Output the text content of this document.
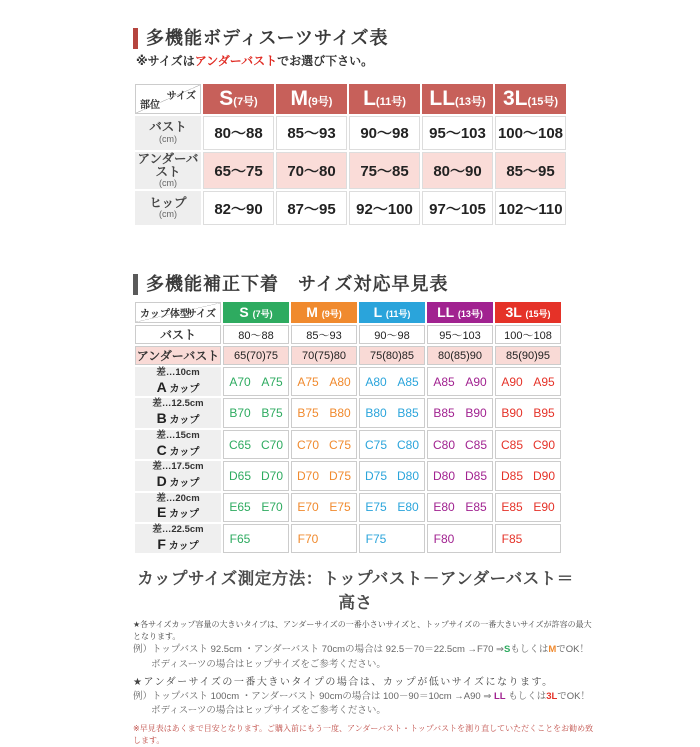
多機能ボディスーツサイズ表

※サイズはアンダーバストでお選び下さい。

サイズ
部位	S(7号)	M(9号)	L(11号)	LL(13号)	3L(15号)
バスト
(cm)	80～88	85～93	90～98	95～103	100～108
アンダーバスト
(cm)	65～75	70～80	75～85	80～90	85～95
ヒップ
(cm)	82～90	87～95	92～100	97～105	102～110
多機能補正下着　サイズ対応早見表
サイズ
カップ体型	S (7号)	M (9号)	L (11号)	LL (13号)	3L (15号)
バスト	80～88	85～93	90～98	95～103	100～108
アンダーバスト	65(70)75	70(75)80	75(80)85	80(85)90	85(90)95

差…10cm
A カップ	A70 A75	A75 A80	A80 A85	A85 A90	A90 A95

差…12.5cm
B カップ	B70 B75	B75 B80	B80 B85	B85 B90	B90 B95

差…15cm
C カップ	C65 C70	C70 C75	C75 C80	C80 C85	C85 C90

差…17.5cm
D カップ	D65 D70	D70 D75	D75 D80	D80 D85	D85 D90

差…20cm
E カップ	E65 E70	E70 E75	E75 E80	E80 E85	E85 E90

差…22.5cm
F カップ	F65	F70	F75	F80	F85
カップサイズ測定方法：トップバスト－アンダーバスト＝高さ
★各サイズカップ容量の大きいタイプは、アンダーサイズの一番小さいサイズと、トップサイズの一番大きいサイズが許容の最大となります。
例）トップバスト 92.5cm ・アンダーバスト 70cmの場合は 92.5－70＝22.5cm →F70 ⇒SもしくはMでOK！
ボディスーツの場合はヒップサイズをご参考ください。
★アンダーサイズの一番大きいタイプの場合は、カップが低いサイズになります。
例）トップバスト 100cm ・アンダーバスト 90cmの場合は 100－90＝10cm →A90 ⇒ LL もしくは3LでOK！
ボディスーツの場合はヒップサイズをご参考ください。
※早見表はあくまで目安となります。ご購入前にもう一度、アンダーバスト・トップバストを測り直していただくことをお勧め致します。
